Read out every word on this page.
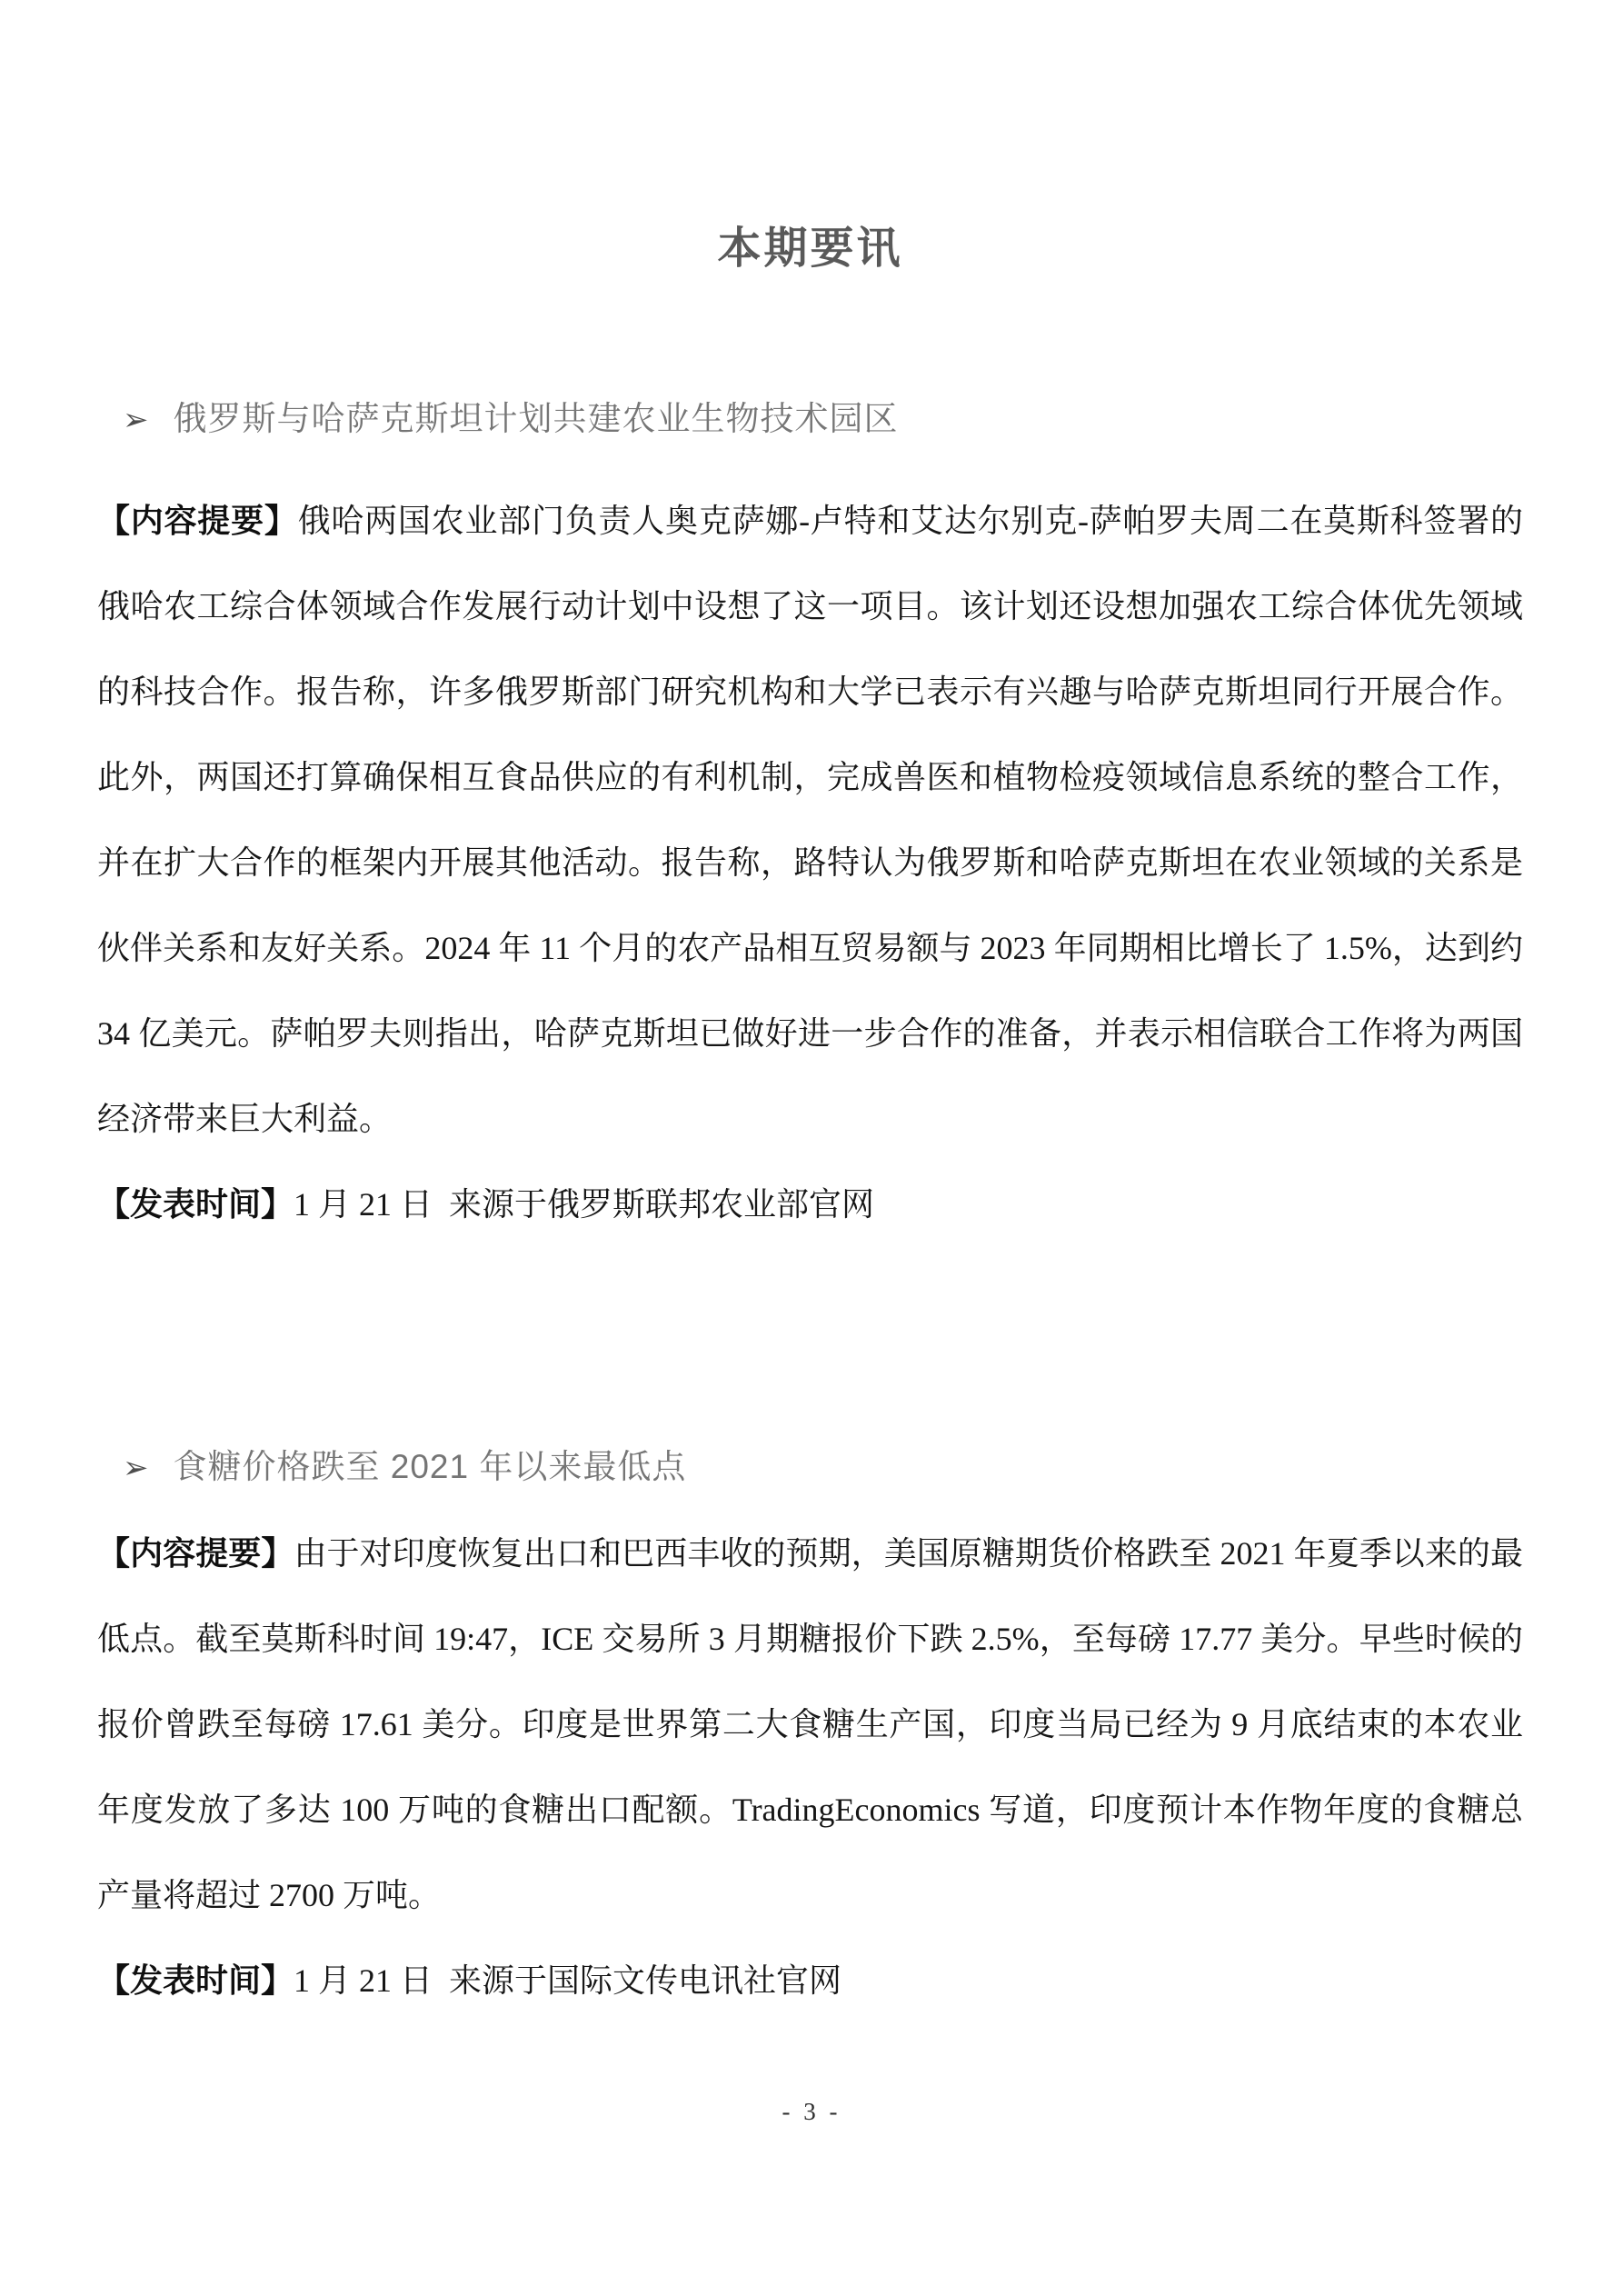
本期要讯
➢ 俄罗斯与哈萨克斯坦计划共建农业生物技术园区

【内容提要】俄哈两国农业部门负责人奥克萨娜-卢特和艾达尔别克-萨帕罗夫周二在莫斯科签署的俄哈农工综合体领域合作发展行动计划中设想了这一项目。该计划还设想加强农工综合体优先领域的科技合作。报告称，许多俄罗斯部门研究机构和大学已表示有兴趣与哈萨克斯坦同行开展合作。此外，两国还打算确保相互食品供应的有利机制，完成兽医和植物检疫领域信息系统的整合工作，并在扩大合作的框架内开展其他活动。报告称，路特认为俄罗斯和哈萨克斯坦在农业领域的关系是伙伴关系和友好关系。2024 年 11 个月的农产品相互贸易额与 2023 年同期相比增长了 1.5%，达到约 34 亿美元。萨帕罗夫则指出，哈萨克斯坦已做好进一步合作的准备，并表示相信联合工作将为两国经济带来巨大利益。

【发表时间】1 月 21 日  来源于俄罗斯联邦农业部官网

➢ 食糖价格跌至 2021 年以来最低点

【内容提要】由于对印度恢复出口和巴西丰收的预期，美国原糖期货价格跌至 2021 年夏季以来的最低点。截至莫斯科时间 19:47，ICE 交易所 3 月期糖报价下跌 2.5%，至每磅 17.77 美分。早些时候的报价曾跌至每磅 17.61 美分。印度是世界第二大食糖生产国，印度当局已经为 9 月底结束的本农业年度发放了多达 100 万吨的食糖出口配额。TradingEconomics 写道，印度预计本作物年度的食糖总产量将超过 2700 万吨。

【发表时间】1 月 21 日  来源于国际文传电讯社官网

- 3 -
